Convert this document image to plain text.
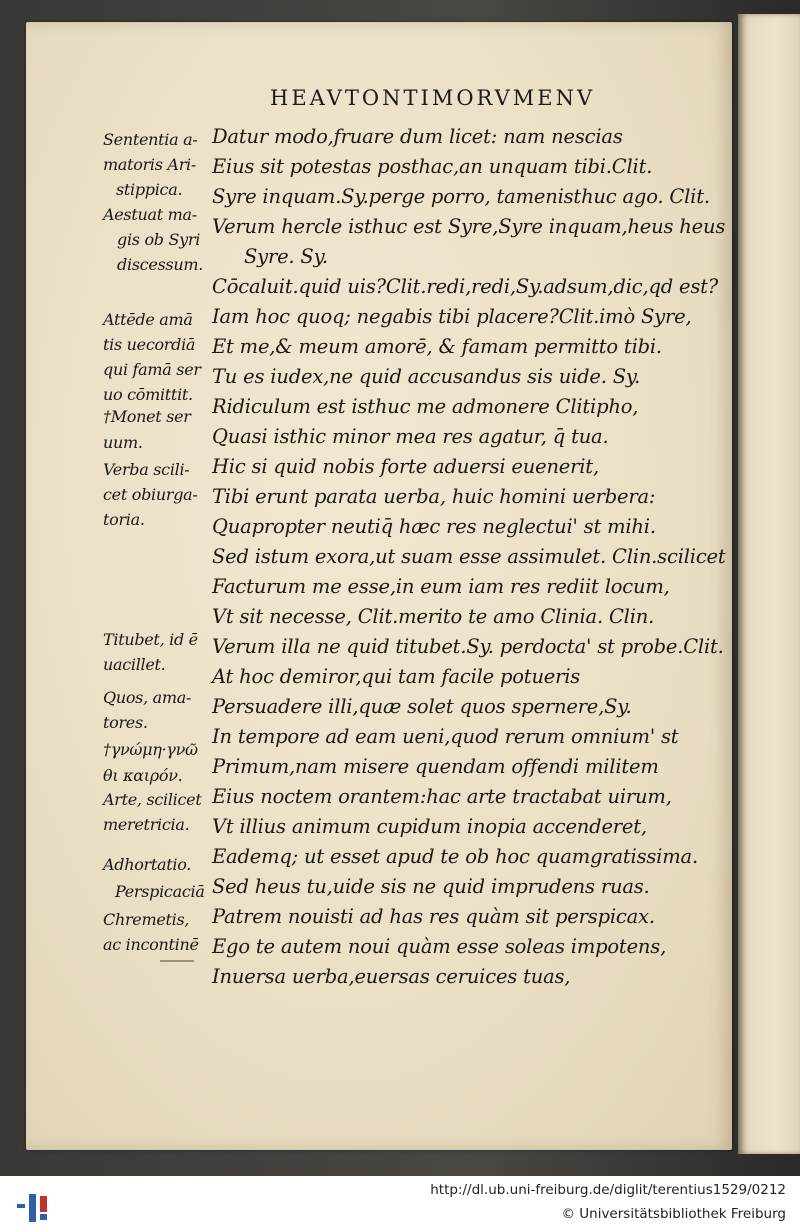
HEAVTONTIMORVMENV
Datur modo,fruare dum licet: nam nescias
Eius sit potestas posthac,an unquam tibi.Clit.
Syre inquam.Sy.perge porro, tamenisthuc ago. Clit.
Verum hercle isthuc est Syre,Syre inquam,heus heus
Syre. Sy.
Cōcaluit.quid uis?Clit.redi,redi,Sy.adsum,dic,qd est?
Iam hoc quoq; negabis tibi placere?Clit.imò Syre,
Et me,& meum amorē, & famam permitto tibi.
Tu es iudex,ne quid accusandus sis uide. Sy.
Ridiculum est isthuc me admonere Clitipho,
Quasi isthic minor mea res agatur, q̄ tua.
Hic si quid nobis forte aduersi euenerit,
Tibi erunt parata uerba, huic homini uerbera:
Quapropter neutiq̄ hæc res neglectui' st mihi.
Sed istum exora,ut suam esse assimulet. Clin.scilicet
Facturum me esse,in eum iam res rediit locum,
Vt sit necesse, Clit.merito te amo Clinia. Clin.
Verum illa ne quid titubet.Sy. perdocta' st probe.Clit.
At hoc demiror,qui tam facile potueris
Persuadere illi,quæ solet quos spernere,Sy.
In tempore ad eam ueni,quod rerum omnium' st
Primum,nam misere quendam offendi militem
Eius noctem orantem:hac arte tractabat uirum,
Vt illius animum cupidum inopia accenderet,
Eademq; ut esset apud te ob hoc quamgratissima.
Sed heus tu,uide sis ne quid imprudens ruas.
Patrem nouisti ad has res quàm sit perspicax.
Ego te autem noui quàm esse soleas impotens,
Inuersa uerba,euersas ceruices tuas,
Sententia a-
matoris Ari-
stippica.
Aestuat ma-
gis ob Syri
discessum.
Attēde amā
tis uecordiā
qui famā ser
uo cōmittit.
†Monet ser
uum.
Verba scili-
cet obiurga-
toria.
Titubet, id ē
uacillet.
Quos, ama-
tores.
†γνώμη·γνῶ
θι καιρόν.
Arte, scilicet
meretricia.
Adhortatio.
Perspicaciā
Chremetis,
ac incontinē
http://dl.ub.uni-freiburg.de/diglit/terentius1529/0212
© Universitätsbibliothek Freiburg
